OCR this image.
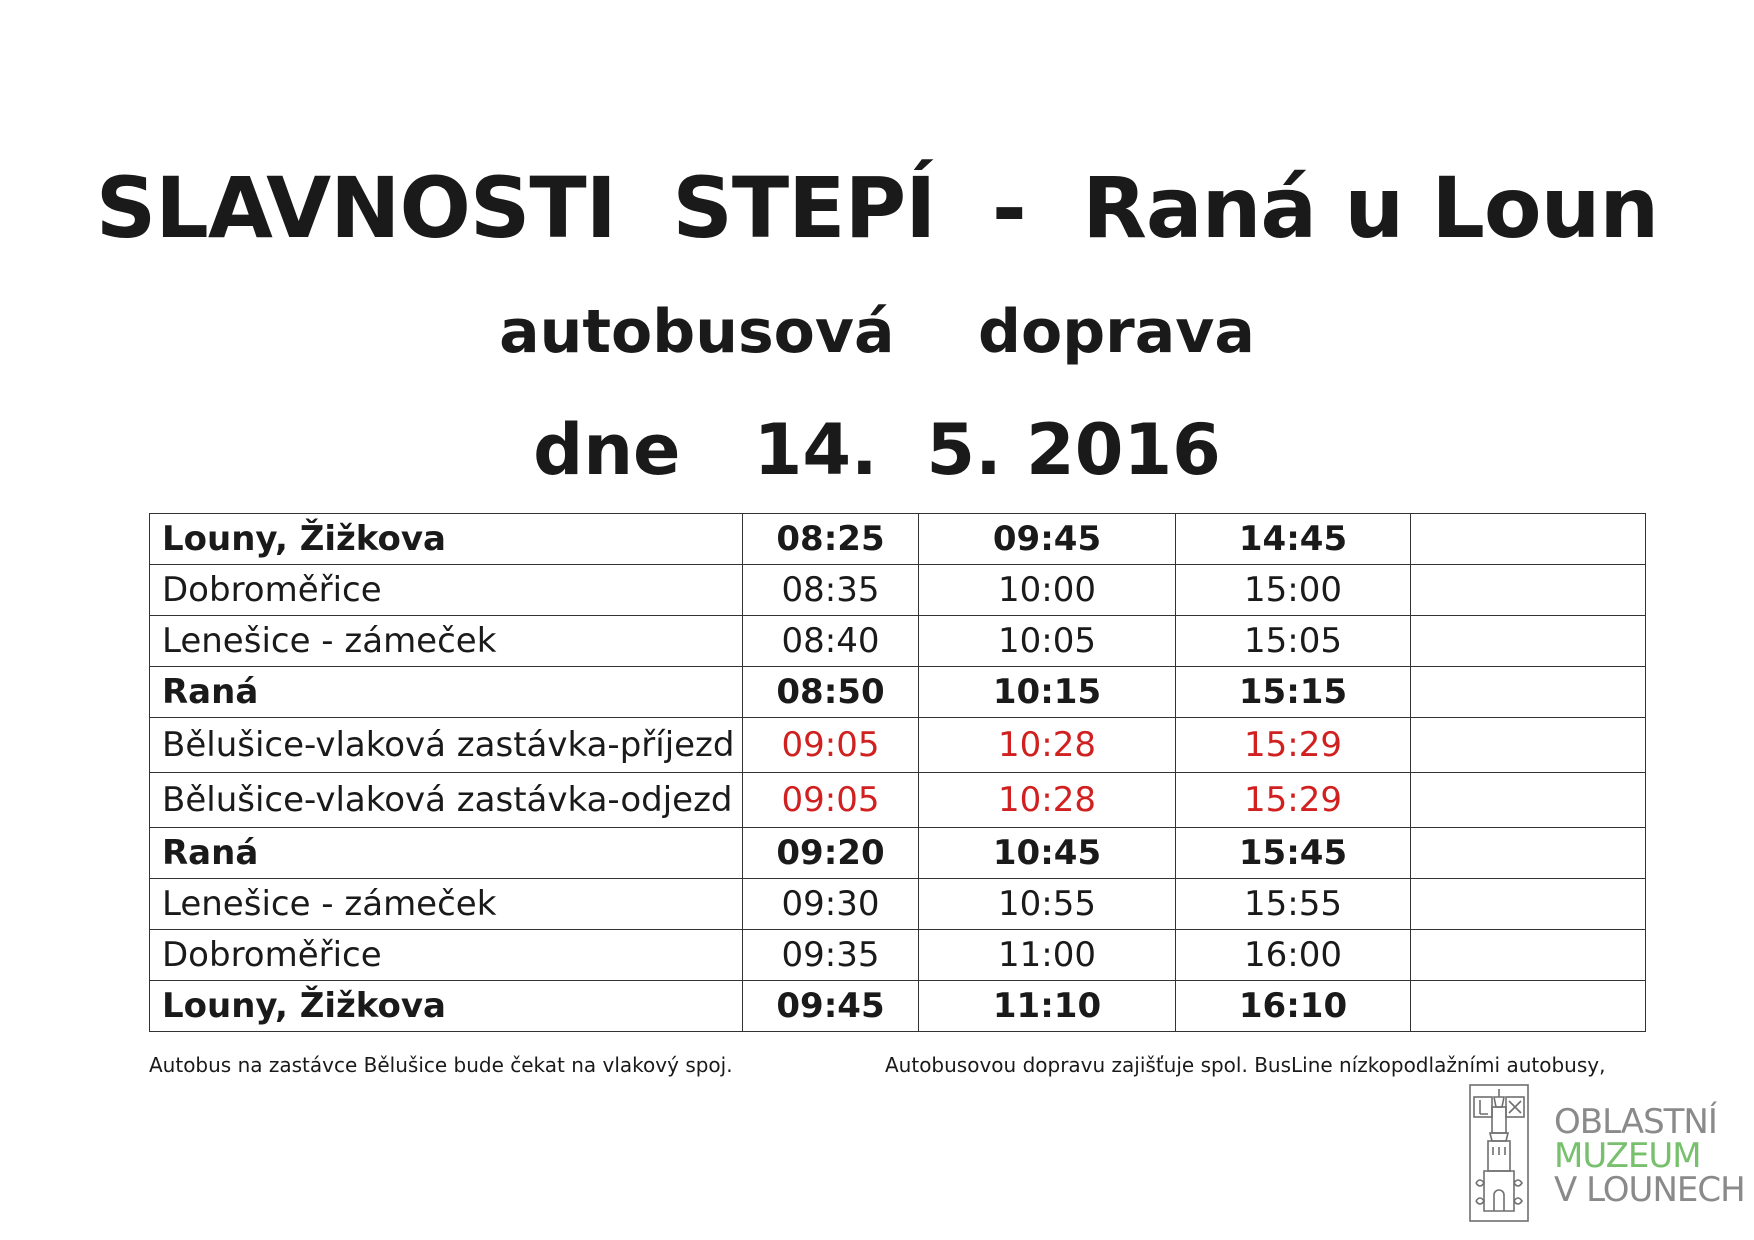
SLAVNOSTI  STEPÍ  -  Raná u Loun
autobusová    doprava
dne   14.  5. 2016
Louny, Žižkova	08:25	09:45	14:45	
Dobroměřice	08:35	10:00	15:00	
Lenešice - zámeček	08:40	10:05	15:05	
Raná	08:50	10:15	15:15	
Bělušice-vlaková zastávka-příjezd	09:05	10:28	15:29	
Bělušice-vlaková zastávka-odjezd	09:05	10:28	15:29	
Raná	09:20	10:45	15:45	
Lenešice - zámeček	09:30	10:55	15:55	
Dobroměřice	09:35	11:00	16:00	
Louny, Žižkova	09:45	11:10	16:10	
Autobus na zastávce Bělušice bude čekat na vlakový spoj.	Autobusovou dopravu zajišťuje spol. BusLine nízkopodlažními autobusy,
OBLASTNÍ
MUZEUM
V LOUNECH
